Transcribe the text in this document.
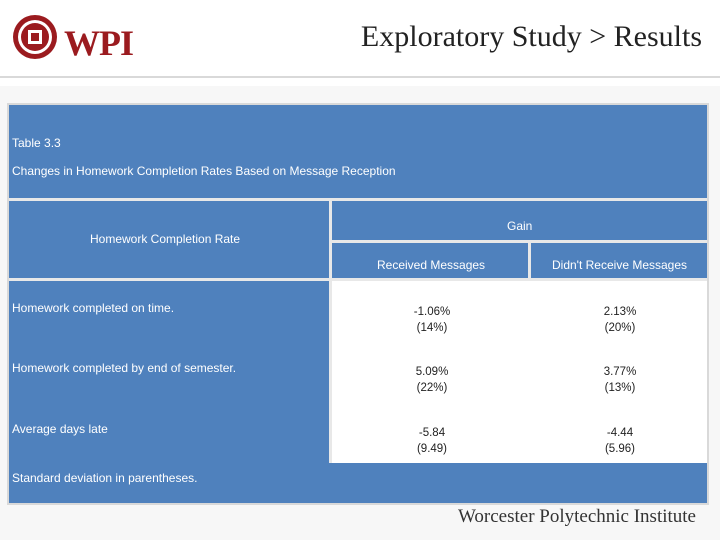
WPI	Exploratory Study > Results
Table 3.3
Changes in Homework Completion Rates Based on Message Reception
Homework Completion Rate
Gain
Received Messages	Didn't Receive Messages
Homework completed on time.
Homework completed by end of semester.
Average days late
-1.06%
(14%)
2.13%
(20%)
5.09%
(22%)
3.77%
(13%)
-5.84
(9.49)
-4.44
(5.96)
Standard deviation in parentheses.
Worcester Polytechnic Institute
